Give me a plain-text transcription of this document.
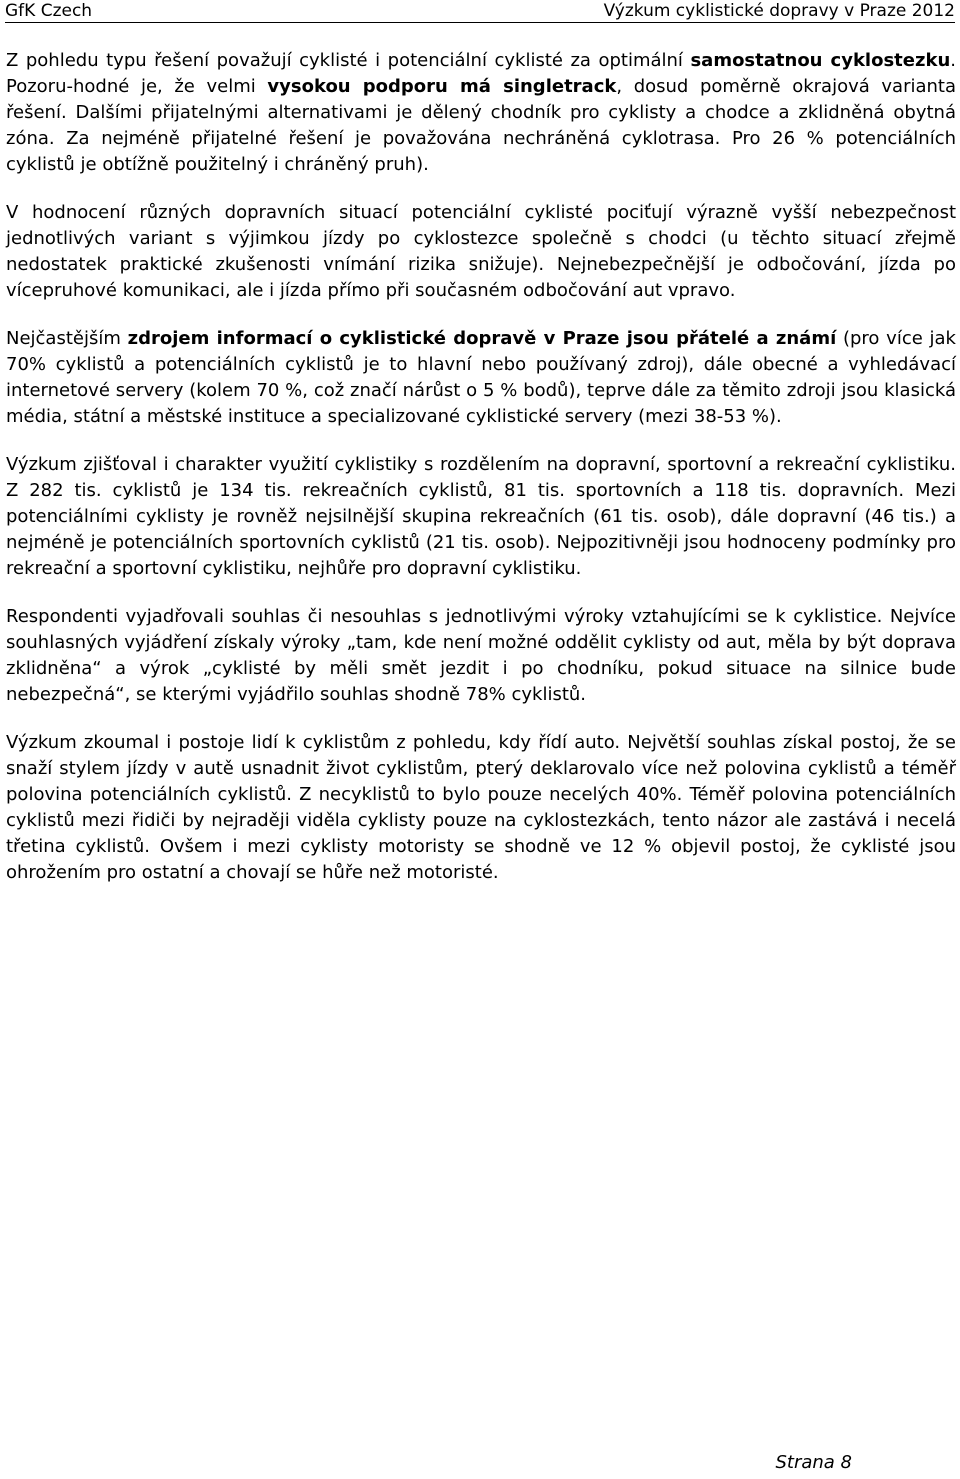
GfK Czech	Výzkum cyklistické dopravy v Praze 2012

Z pohledu typu řešení považují cyklisté i potenciální cyklisté za optimální samostatnou cyklostezku. Pozoru-hodné je, že velmi vysokou podporu má singletrack, dosud poměrně okrajová varianta řešení. Dalšími přijatelnými alternativami je dělený chodník pro cyklisty a chodce a zklidněná obytná zóna. Za nejméně přijatelné řešení je považována nechráněná cyklotrasa. Pro 26 % potenciálních cyklistů je obtížně použitelný i chráněný pruh).

V hodnocení různých dopravních situací potenciální cyklisté pociťují výrazně vyšší nebezpečnost jednotlivých variant s výjimkou jízdy po cyklostezce společně s chodci (u těchto situací zřejmě nedostatek praktické zkušenosti vnímání rizika snižuje). Nejnebezpečnější je odbočování, jízda po vícepruhové komunikaci, ale i jízda přímo při současném odbočování aut vpravo.

Nejčastějším zdrojem informací o cyklistické dopravě v Praze jsou přátelé a známí (pro více jak 70% cyklistů a potenciálních cyklistů je to hlavní nebo používaný zdroj), dále obecné a vyhledávací internetové servery (kolem 70 %, což značí nárůst o 5 % bodů), teprve dále za těmito zdroji jsou klasická média, státní a městské instituce a specializované cyklistické servery (mezi 38-53 %).

Výzkum zjišťoval i charakter využití cyklistiky s rozdělením na dopravní, sportovní a rekreační cyklistiku. Z 282 tis. cyklistů je 134 tis. rekreačních cyklistů, 81 tis. sportovních a 118 tis. dopravních. Mezi potenciálními cyklisty je rovněž nejsilnější skupina rekreačních (61 tis. osob), dále dopravní (46 tis.) a nejméně je potenciálních sportovních cyklistů (21 tis. osob). Nejpozitivněji jsou hodnoceny podmínky pro rekreační a sportovní cyklistiku, nejhůře pro dopravní cyklistiku.

Respondenti vyjadřovali souhlas či nesouhlas s jednotlivými výroky vztahujícími se k cyklistice. Nejvíce souhlasných vyjádření získaly výroky „tam, kde není možné oddělit cyklisty od aut, měla by být doprava zklidněna“ a výrok „cyklisté by měli smět jezdit i po chodníku, pokud situace na silnice bude nebezpečná“, se kterými vyjádřilo souhlas shodně 78% cyklistů.

Výzkum zkoumal i postoje lidí k cyklistům z pohledu, kdy řídí auto. Největší souhlas získal postoj, že se snaží stylem jízdy v autě usnadnit život cyklistům, pterý deklarovalo více než polovina cyklistů a téměř polovina potenciálních cyklistů. Z necyklistů to bylo pouze necelých 40%. Téměř polovina potenciálních cyklistů mezi řidiči by nejraději viděla cyklisty pouze na cyklostezkách, tento názor ale zastává i necelá třetina cyklistů. Ovšem i mezi cyklisty motoristy se shodně ve 12 % objevil postoj, že cyklisté jsou ohrožením pro ostatní a chovají se hůře než motoristé.

Strana 8
